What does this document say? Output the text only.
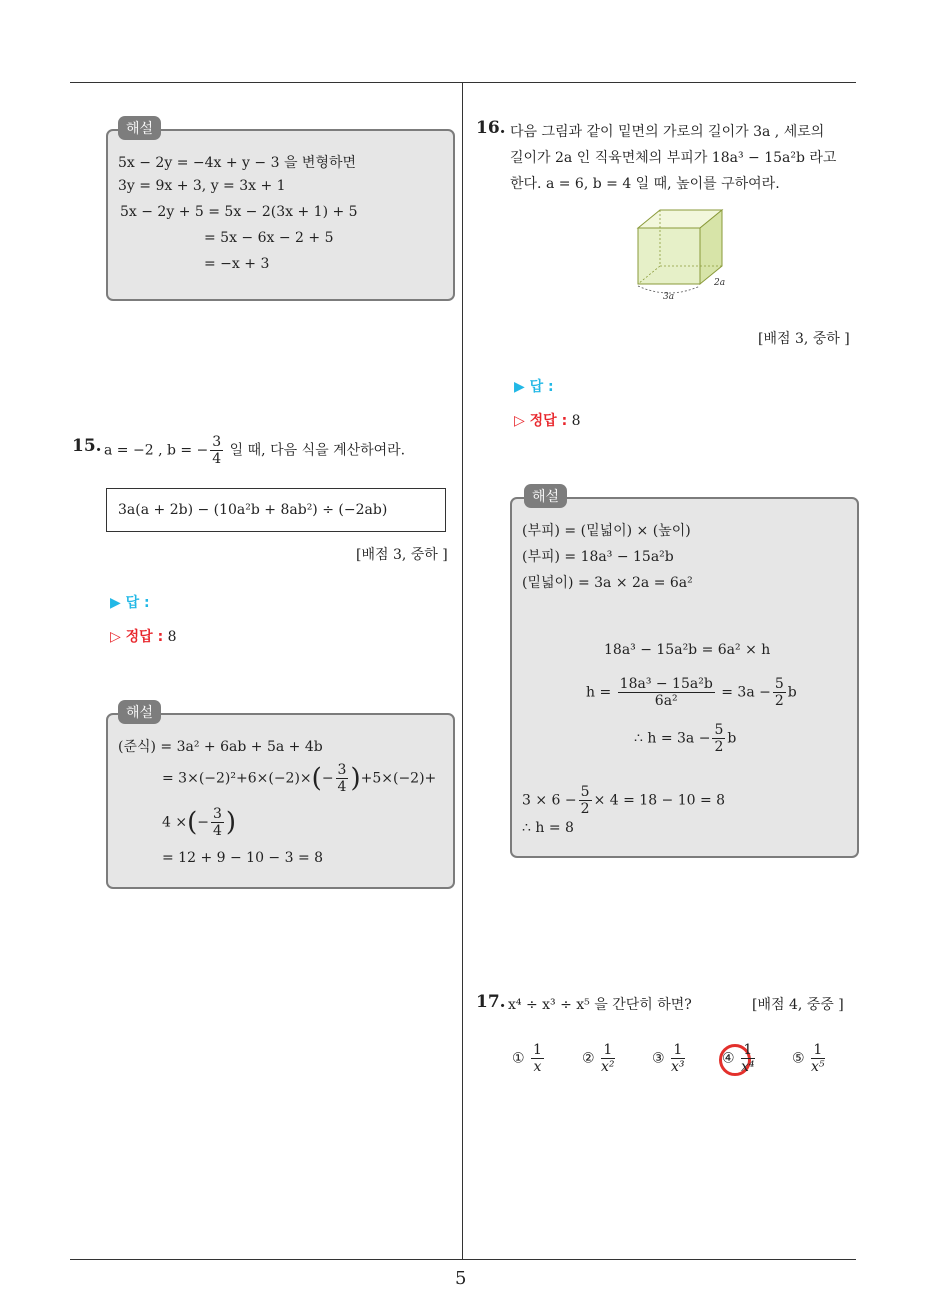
5
해설
5x − 2y = −4x + y − 3 을 변형하면
3y = 9x + 3, y = 3x + 1
5x − 2y + 5 = 5x − 2(3x + 1) + 5
= 5x − 6x − 2 + 5
= −x + 3
15. a = −2 , b = − $\frac{3}{4}$ 일 때, 다음 식을 계산하여라.
3a(a + 2b) − (10a²b + 8ab²) ÷ (−2ab)
[배점 3, 중하 ]
▶ 답 :
▷ 정답 : 8
해설
(준식) = 3a² + 6ab + 5a + 4b
= $3\times(-2)^2+6\times(-2)\times(- \frac{3}{4} )+5\times(-2)+$
4 ×(− $\frac{3}{4}$ )
= 12 + 9 − 10 − 3 = 8
16. 다음 그림과 같이 밑면의 가로의 길이가 3a , 세로의
길이가 2a 인 직육면체의 부피가 18a³ − 15a²b 라고
한다. a = 6, b = 4 일 때, 높이를 구하여라.
3a
2a
[배점 3, 중하 ]
▶ 답 :
▷ 정답 : 8
해설
(부피) = (밑넓이) × (높이)
(부피) = 18a³ − 15a²b
(밑넓이) = 3a × 2a = 6a²
18a³ − 15a²b = 6a² × h
$h = \frac{\text{18a³ − 15a²b}}{\text{6a²}} = 3a - \frac{5}{2}$ b
∴ $h = 3a - \frac{5}{2}$ b
$3 \times 6 - \frac{5}{2} \times 4 = 18 - 10 = 8$
∴ h = 8
17. x⁴ ÷ x³ ÷ x⁵ 을 간단히 하면?	[배점 4, 중중 ]
① $\frac{1}{x}$	② $\frac{1}{\text{x²}}$	③ $\frac{1}{\text{x³}}$	④ $\frac{1}{\text{x⁴}}$	⑤ $\frac{1}{\text{x⁵}}$
